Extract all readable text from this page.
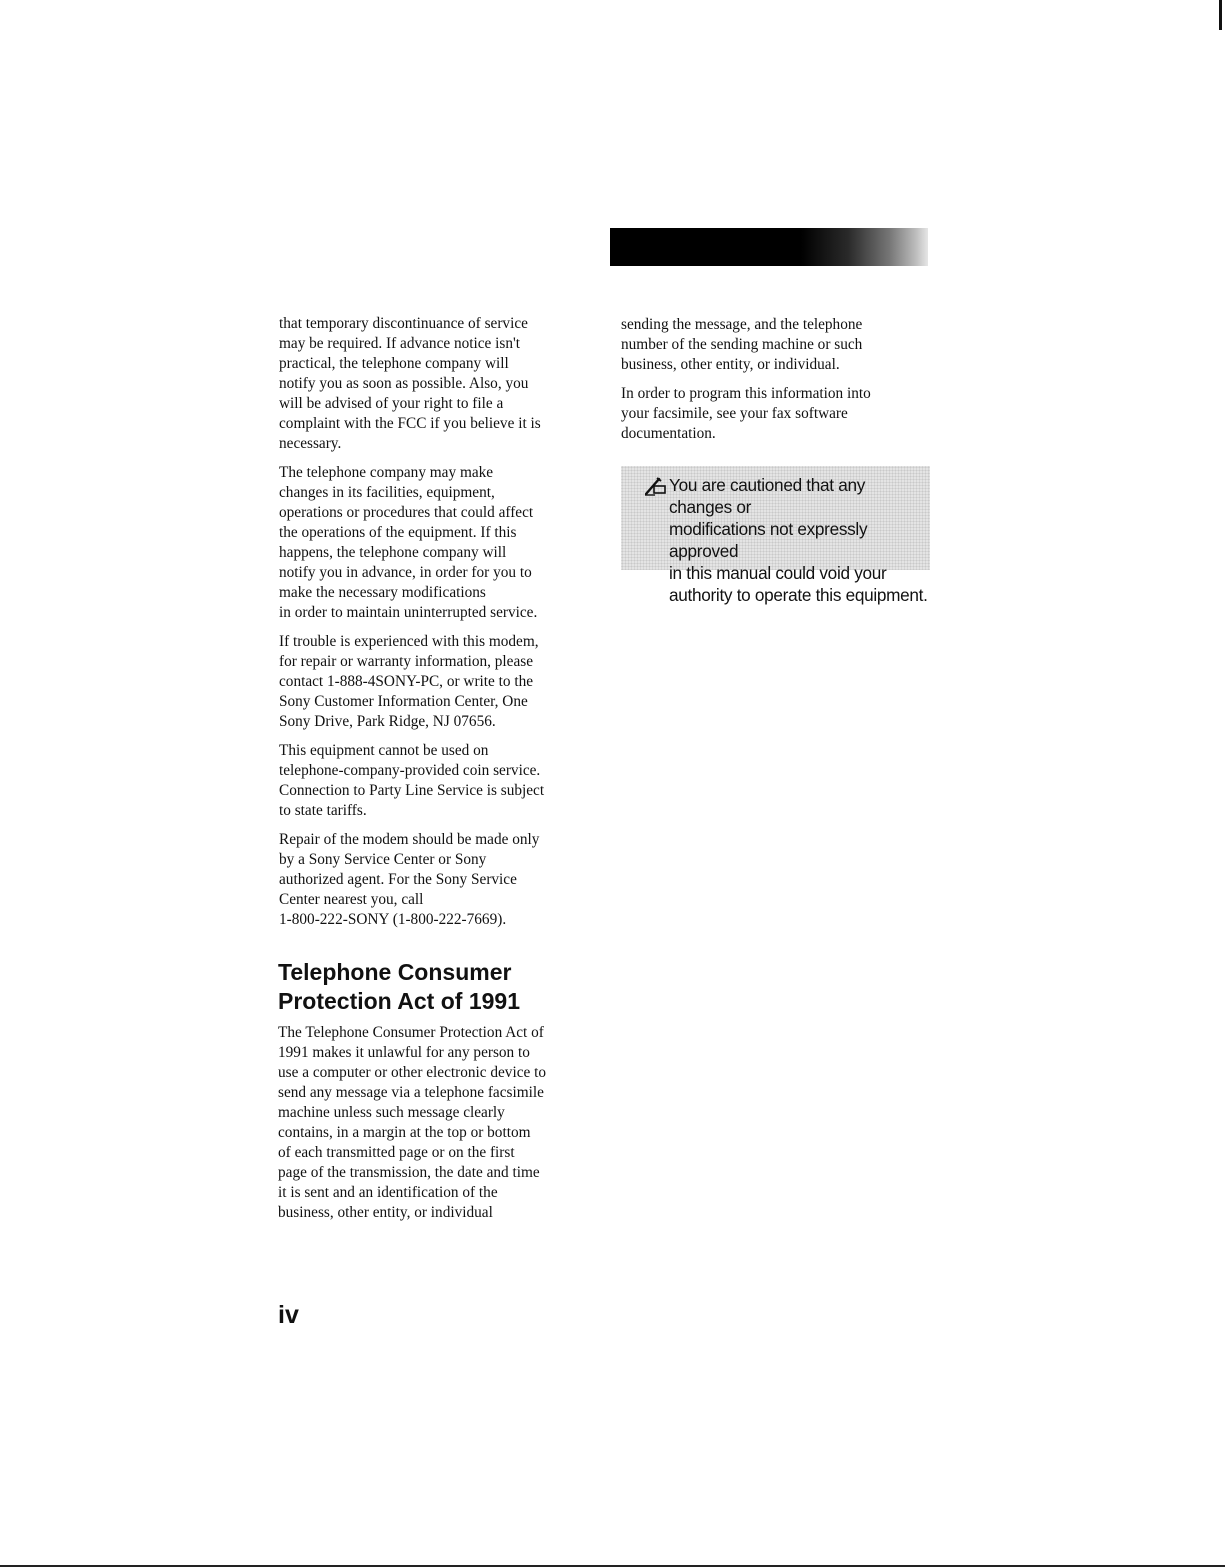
that temporary discontinuance of service
may be required. If advance notice isn't
practical, the telephone company will
notify you as soon as possible. Also, you
will be advised of your right to file a
complaint with the FCC if you believe it is
necessary.

The telephone company may make
changes in its facilities, equipment,
operations or procedures that could affect
the operations of the equipment. If this
happens, the telephone company will
notify you in advance, in order for you to
make the necessary modifications
in order to maintain uninterrupted service.

If trouble is experienced with this modem,
for repair or warranty information, please
contact 1-888-4SONY-PC, or write to the
Sony Customer Information Center, One
Sony Drive, Park Ridge, NJ 07656.

This equipment cannot be used on
telephone-company-provided coin service.
Connection to Party Line Service is subject
to state tariffs.

Repair of the modem should be made only
by a Sony Service Center or Sony
authorized agent. For the Sony Service
Center nearest you, call
1-800-222-SONY (1-800-222-7669).

Telephone Consumer
Protection Act of 1991

The Telephone Consumer Protection Act of
1991 makes it unlawful for any person to
use a computer or other electronic device to
send any message via a telephone facsimile
machine unless such message clearly
contains, in a margin at the top or bottom
of each transmitted page or on the first
page of the transmission, the date and time
it is sent and an identification of the
business, other entity, or individual

sending the message, and the telephone
number of the sending machine or such
business, other entity, or individual.

In order to program this information into
your facsimile, see your fax software
documentation.

You are cautioned that any changes or
modifications not expressly approved
in this manual could void your
authority to operate this equipment.
iv
